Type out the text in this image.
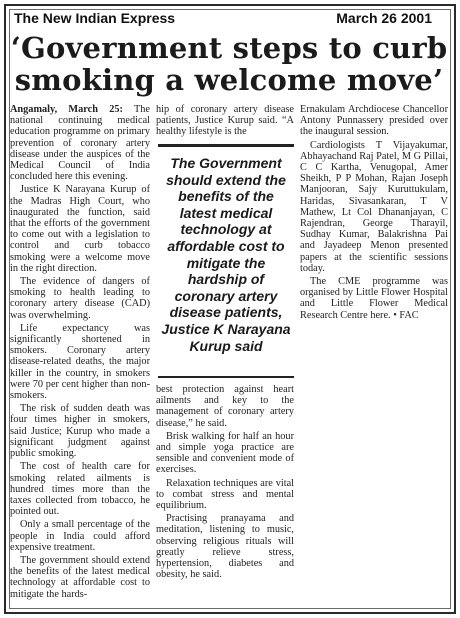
The New Indian Express	March 26 2001
‘Government steps to curb
smoking a welcome move’

Angamaly, March 25: The national continuing medical education programme on primary prevention of coronary artery disease under the auspices of the Medical Council of India concluded here this evening.

Justice K Narayana Kurup of the Madras High Court, who inaugurated the function, said that the efforts of the government to come out with a legislation to control and curb tobacco smoking were a welcome move in the right direction.

The evidence of dangers of smoking to health leading to coronary artery disease (CAD) was overwhelming.

Life expectancy was significantly shortened in smokers. Coronary artery disease-related deaths, the major killer in the country, in smokers were 70 per cent higher than non-smokers.

The risk of sudden death was four times higher in smokers, said Justice; Kurup who made a significant judgment against public smoking.

The cost of health care for smoking related ailments is hundred times more than the taxes collected from tobacco, he pointed out.

Only a small percentage of the people in India could afford expensive treatment.

The government should extend the benefits of the latest medical technology at affordable cost to mitigate the hards-

hip of coronary artery disease patients, Justice Kurup said. “A healthy lifestyle is the

The Government should extend the benefits of the latest medical technology at affordable cost to mitigate the hardship of coronary artery disease patients, Justice K Narayana Kurup said

best protection against heart ailments and key to the management of coronary artery disease,” he said.

Brisk walking for half an hour and simple yoga practice are sensible and convenient mode of exercises.

Relaxation techniques are vital to combat stress and mental equilibrium.

Practising pranayama and meditation, listening to music, observing religious rituals will greatly relieve stress, hypertension, diabetes and obesity, he said.

Ernakulam Archdiocese Chancellor Antony Punnassery presided over the inaugural session.

Cardiologists T Vijayakumar, Abhayachand Raj Patel, M G Pillai, C C Kartha, Venugopal, Amer Sheikh, P P Mohan, Rajan Joseph Manjooran, Sajy Kuruttukulam, Haridas, Sivasankaran, T V Mathew, Lt Col Dhananjayan, C Rajendran, George Tharayil, Sudhay Kumar, Balakrishna Pai and Jayadeep Menon presented papers at the scientific sessions today.

The CME programme was organised by Little Flower Hospital and Little Flower Medical Research Centre here. • FAC
